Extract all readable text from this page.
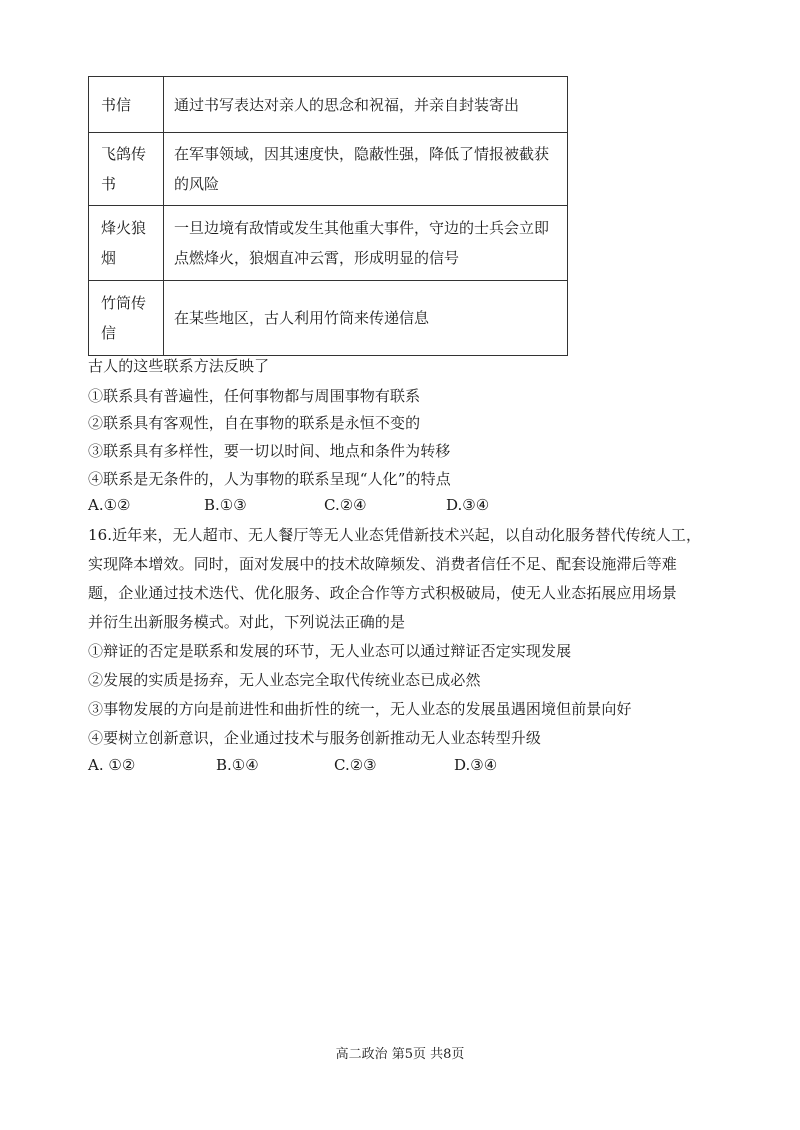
书信	通过书写表达对亲人的思念和祝福，并亲自封装寄出
飞鸽传书	在军事领域，因其速度快，隐蔽性强，降低了情报被截获的风险
烽火狼烟	一旦边境有敌情或发生其他重大事件，守边的士兵会立即点燃烽火，狼烟直冲云霄，形成明显的信号
竹筒传信	在某些地区，古人利用竹筒来传递信息
古人的这些联系方法反映了
①联系具有普遍性，任何事物都与周围事物有联系
②联系具有客观性，自在事物的联系是永恒不变的
③联系具有多样性，要一切以时间、地点和条件为转移
④联系是无条件的，人为事物的联系呈现“人化”的特点
A.①②	B.①③	C.②④	D.③④
16.近年来，无人超市、无人餐厅等无人业态凭借新技术兴起，以自动化服务替代传统人工，
实现降本增效。同时，面对发展中的技术故障频发、消费者信任不足、配套设施滞后等难
题，企业通过技术迭代、优化服务、政企合作等方式积极破局，使无人业态拓展应用场景
并衍生出新服务模式。对此，下列说法正确的是
①辩证的否定是联系和发展的环节，无人业态可以通过辩证否定实现发展
②发展的实质是扬弃，无人业态完全取代传统业态已成必然
③事物发展的方向是前进性和曲折性的统一，无人业态的发展虽遇困境但前景向好
④要树立创新意识，企业通过技术与服务创新推动无人业态转型升级
A. ①②	B.①④	C.②③	D.③④
高二政治 第5页 共8页
